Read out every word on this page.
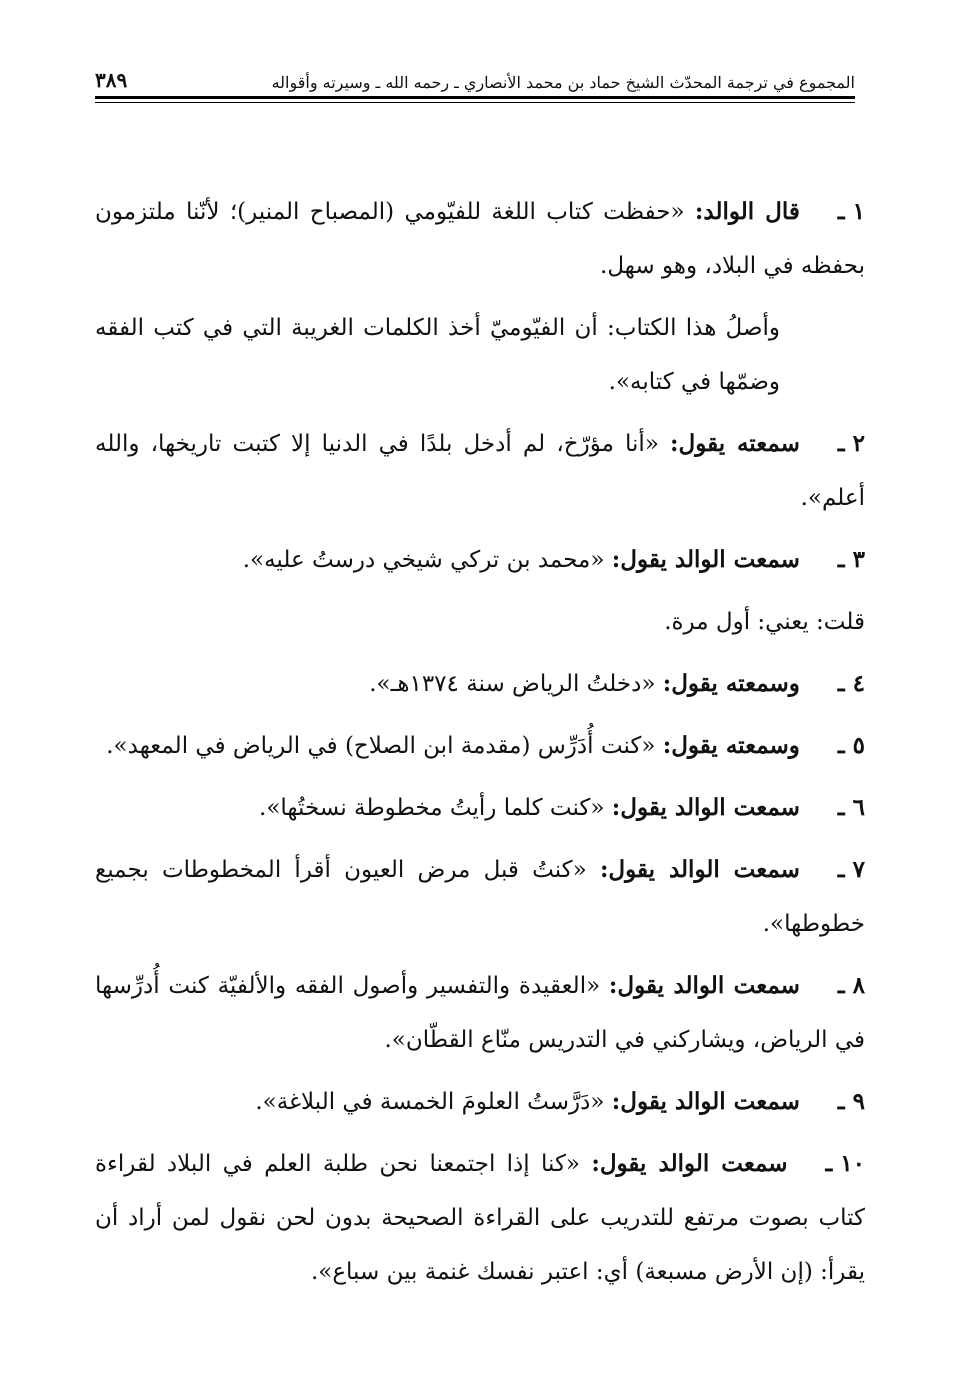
المجموع في ترجمة المحدّث الشيخ حماد بن محمد الأنصاري ـ رحمه الله ـ وسيرته وأقواله
٣٨٩

١ ـقال الوالد: «حفظت كتاب اللغة للفيّومي (المصباح المنير)؛ لأنّنا ملتزمون بحفظه في البلاد، وهو سهل.

وأصلُ هذا الكتاب: أن الفيّوميّ أخذ الكلمات الغريبة التي في كتب الفقه وضمّها في كتابه».

٢ ـسمعته يقول: «أنا مؤرّخ، لم أدخل بلدًا في الدنيا إلا كتبت تاريخها، والله أعلم».

٣ ـسمعت الوالد يقول: «محمد بن تركي شيخي درستُ عليه».

قلت: يعني: أول مرة.

٤ ـوسمعته يقول: «دخلتُ الرياض سنة ١٣٧٤هـ».

٥ ـوسمعته يقول: «كنت أُدَرِّس (مقدمة ابن الصلاح) في الرياض في المعهد».

٦ ـسمعت الوالد يقول: «كنت كلما رأيتُ مخطوطة نسختُها».

٧ ـسمعت الوالد يقول: «كنتُ قبل مرض العيون أقرأ المخطوطات بجميع خطوطها».

٨ ـسمعت الوالد يقول: «العقيدة والتفسير وأصول الفقه والألفيّة كنت أُدرِّسها في الرياض، ويشاركني في التدريس منّاع القطّان».

٩ ـسمعت الوالد يقول: «دَرَّستُ العلومَ الخمسة في البلاغة».

١٠ ـسمعت الوالد يقول: «كنا إذا اجتمعنا نحن طلبة العلم في البلاد لقراءة كتاب بصوت مرتفع للتدريب على القراءة الصحيحة بدون لحن نقول لمن أراد أن يقرأ: (إن الأرض مسبعة) أي: اعتبر نفسك غنمة بين سباع».
